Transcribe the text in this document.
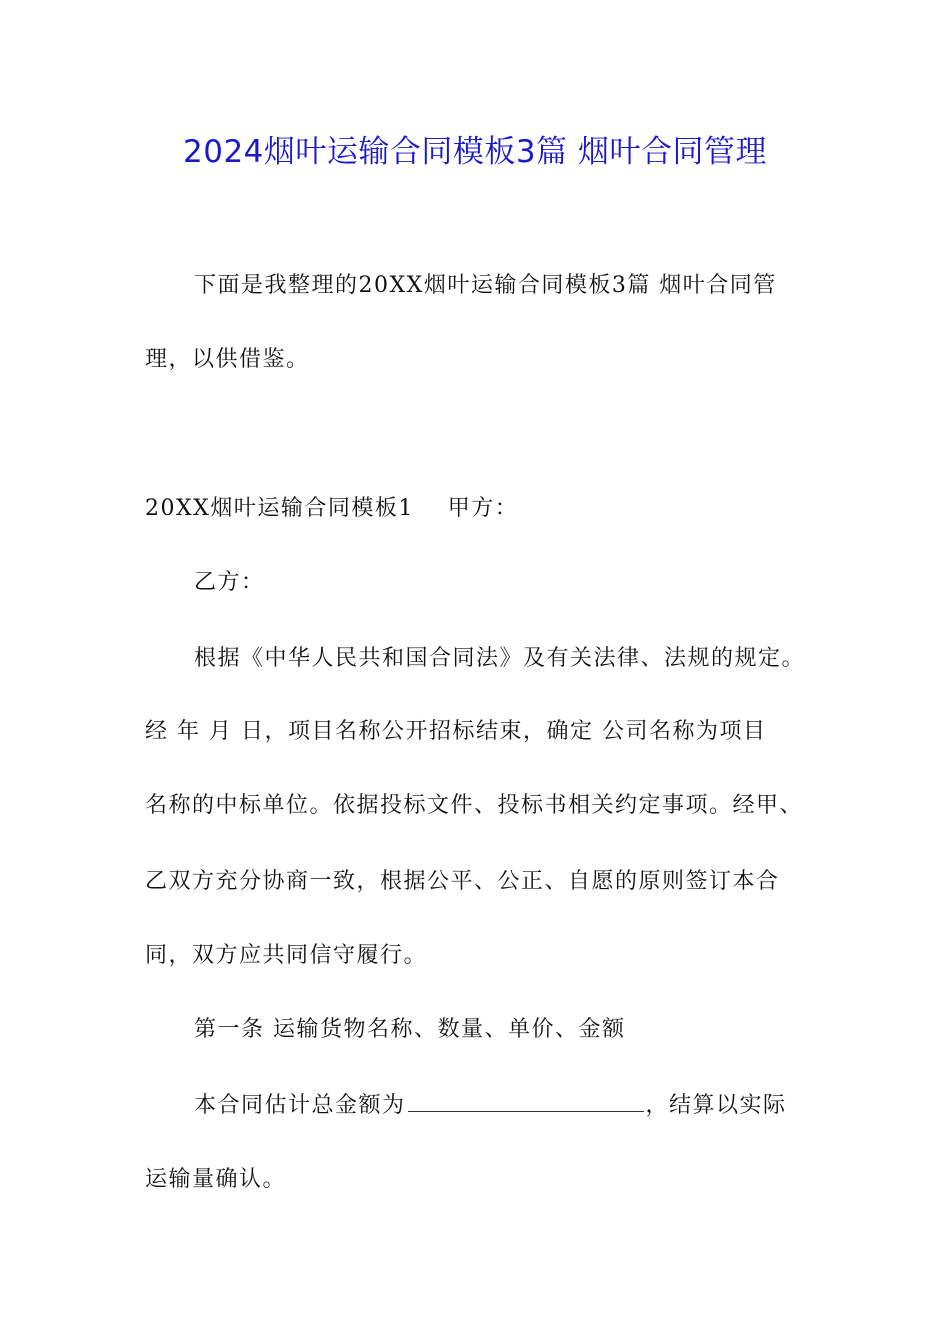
2024烟叶运输合同模板3篇 烟叶合同管理
下面是我整理的20XX烟叶运输合同模板3篇 烟叶合同管
理，以供借鉴。
20XX烟叶运输合同模板1    甲方：
乙方：
根据《中华人民共和国合同法》及有关法律、法规的规定。
经 年 月 日，项目名称公开招标结束，确定 公司名称为项目
名称的中标单位。依据投标文件、投标书相关约定事项。经甲、
乙双方充分协商一致，根据公平、公正、自愿的原则签订本合
同，双方应共同信守履行。
第一条 运输货物名称、数量、单价、金额
本合同估计总金额为	，结算以实际
运输量确认。
